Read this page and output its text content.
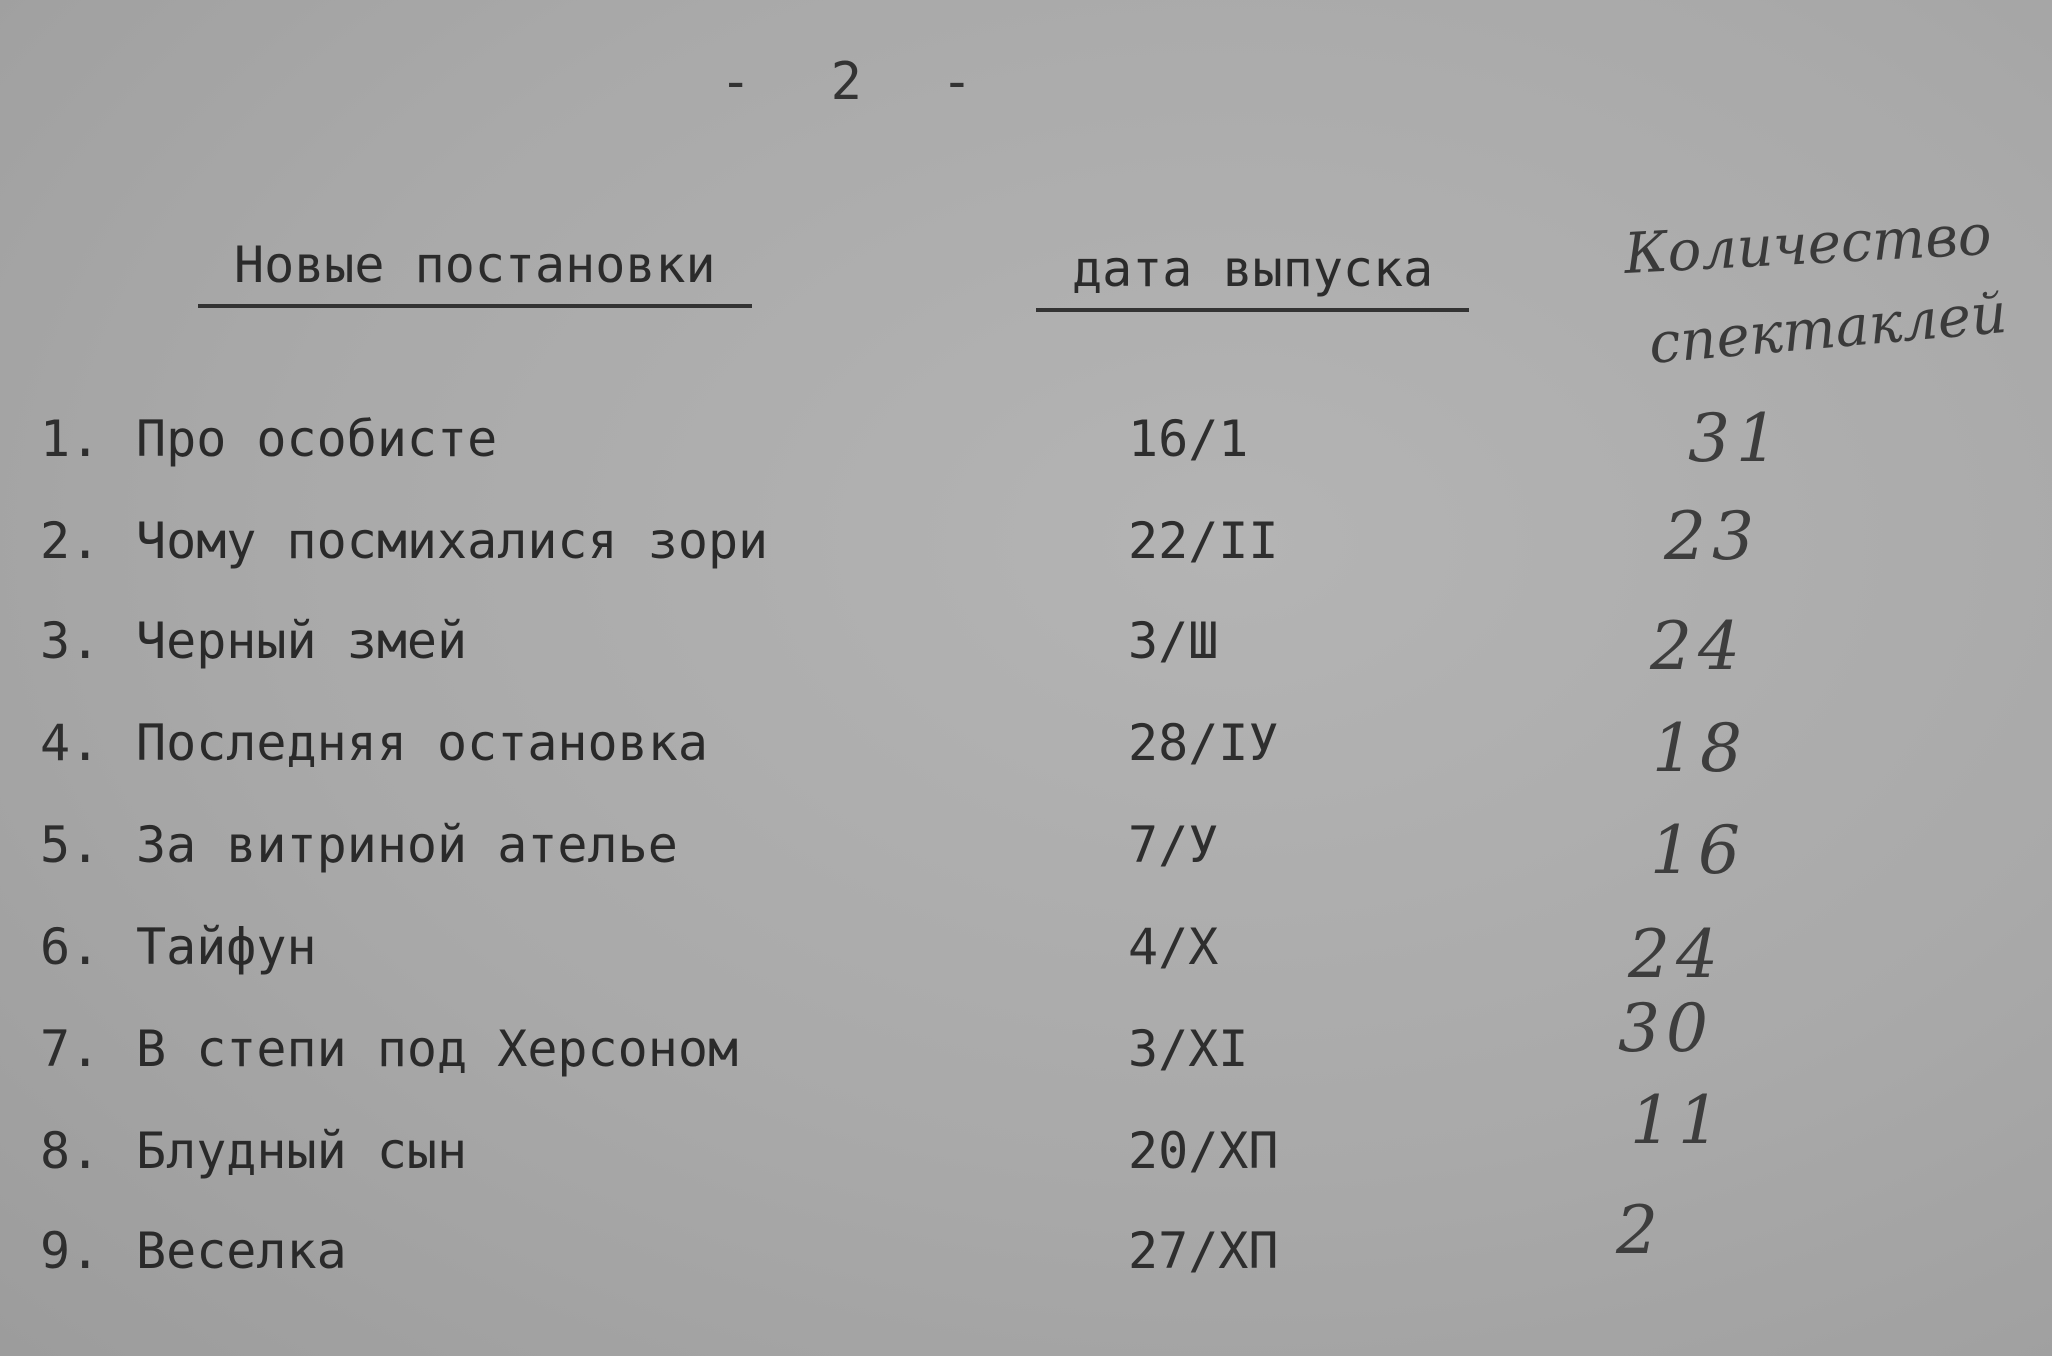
- 2 -
Новые постановки	дата выпуска	Количество
спектаклей
1. Про особисте	16/1	31
2. Чому посмихалися зори	22/II	23
3. Черный змей	3/Ш	24
4. Последняя остановка	28/IУ	18
5. За витриной ателье	7/У	16
6. Тайфун	4/Х	24
7. В степи под Херсоном	3/XI	30
8. Блудный сын	20/ХП	11
9. Веселка	27/ХП	2
